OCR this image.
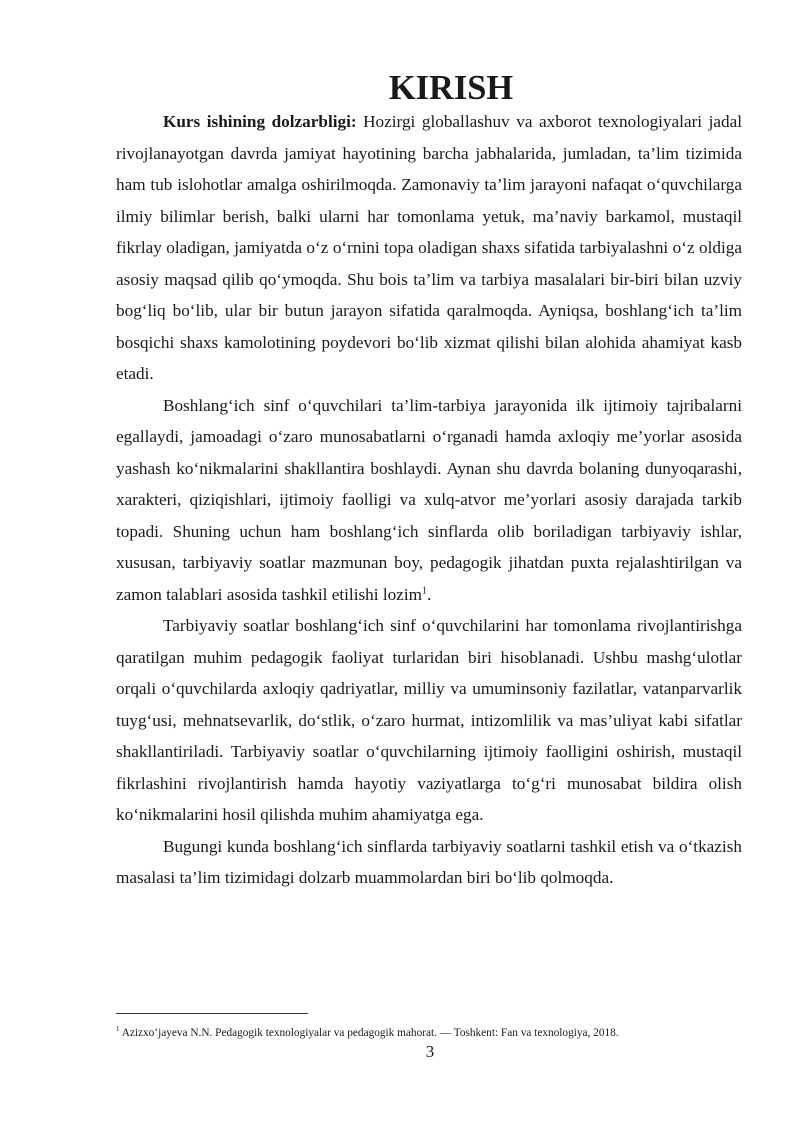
KIRISH

Kurs ishining dolzarbligi: Hozirgi globallashuv va axborot texnologiyalari jadal rivojlanayotgan davrda jamiyat hayotining barcha jabhalarida, jumladan, ta’lim tizimida ham tub islohotlar amalga oshirilmoqda. Zamonaviy ta’lim jarayoni nafaqat o‘quvchilarga ilmiy bilimlar berish, balki ularni har tomonlama yetuk, ma’naviy barkamol, mustaqil fikrlay oladigan, jamiyatda o‘z o‘rnini topa oladigan shaxs sifatida tarbiyalashni o‘z oldiga asosiy maqsad qilib qo‘ymoqda. Shu bois ta’lim va tarbiya masalalari bir-biri bilan uzviy bog‘liq bo‘lib, ular bir butun jarayon sifatida qaralmoqda. Ayniqsa, boshlang‘ich ta’lim bosqichi shaxs kamolotining poydevori bo‘lib xizmat qilishi bilan alohida ahamiyat kasb etadi.

Boshlang‘ich sinf o‘quvchilari ta’lim-tarbiya jarayonida ilk ijtimoiy tajribalarni egallaydi, jamoadagi o‘zaro munosabatlarni o‘rganadi hamda axloqiy me’yorlar asosida yashash ko‘nikmalarini shakllantira boshlaydi. Aynan shu davrda bolaning dunyoqarashi, xarakteri, qiziqishlari, ijtimoiy faolligi va xulq-atvor me’yorlari asosiy darajada tarkib topadi. Shuning uchun ham boshlang‘ich sinflarda olib boriladigan tarbiyaviy ishlar, xususan, tarbiyaviy soatlar mazmunan boy, pedagogik jihatdan puxta rejalashtirilgan va zamon talablari asosida tashkil etilishi lozim$^1$.

Tarbiyaviy soatlar boshlang‘ich sinf o‘quvchilarini har tomonlama rivojlantirishga qaratilgan muhim pedagogik faoliyat turlaridan biri hisoblanadi. Ushbu mashg‘ulotlar orqali o‘quvchilarda axloqiy qadriyatlar, milliy va umuminsoniy fazilatlar, vatanparvarlik tuyg‘usi, mehnatsevarlik, do‘stlik, o‘zaro hurmat, intizomlilik va mas’uliyat kabi sifatlar shakllantiriladi. Tarbiyaviy soatlar o‘quvchilarning ijtimoiy faolligini oshirish, mustaqil fikrlashini rivojlantirish hamda hayotiy vaziyatlarga to‘g‘ri munosabat bildira olish ko‘nikmalarini hosil qilishda muhim ahamiyatga ega.

Bugungi kunda boshlang‘ich sinflarda tarbiyaviy soatlarni tashkil etish va o‘tkazish masalasi ta’lim tizimidagi dolzarb muammolardan biri bo‘lib qolmoqda.

$^1$ Azizxo‘jayeva N.N. Pedagogik texnologiyalar va pedagogik mahorat. — Toshkent: Fan va texnologiya, 2018.
3
